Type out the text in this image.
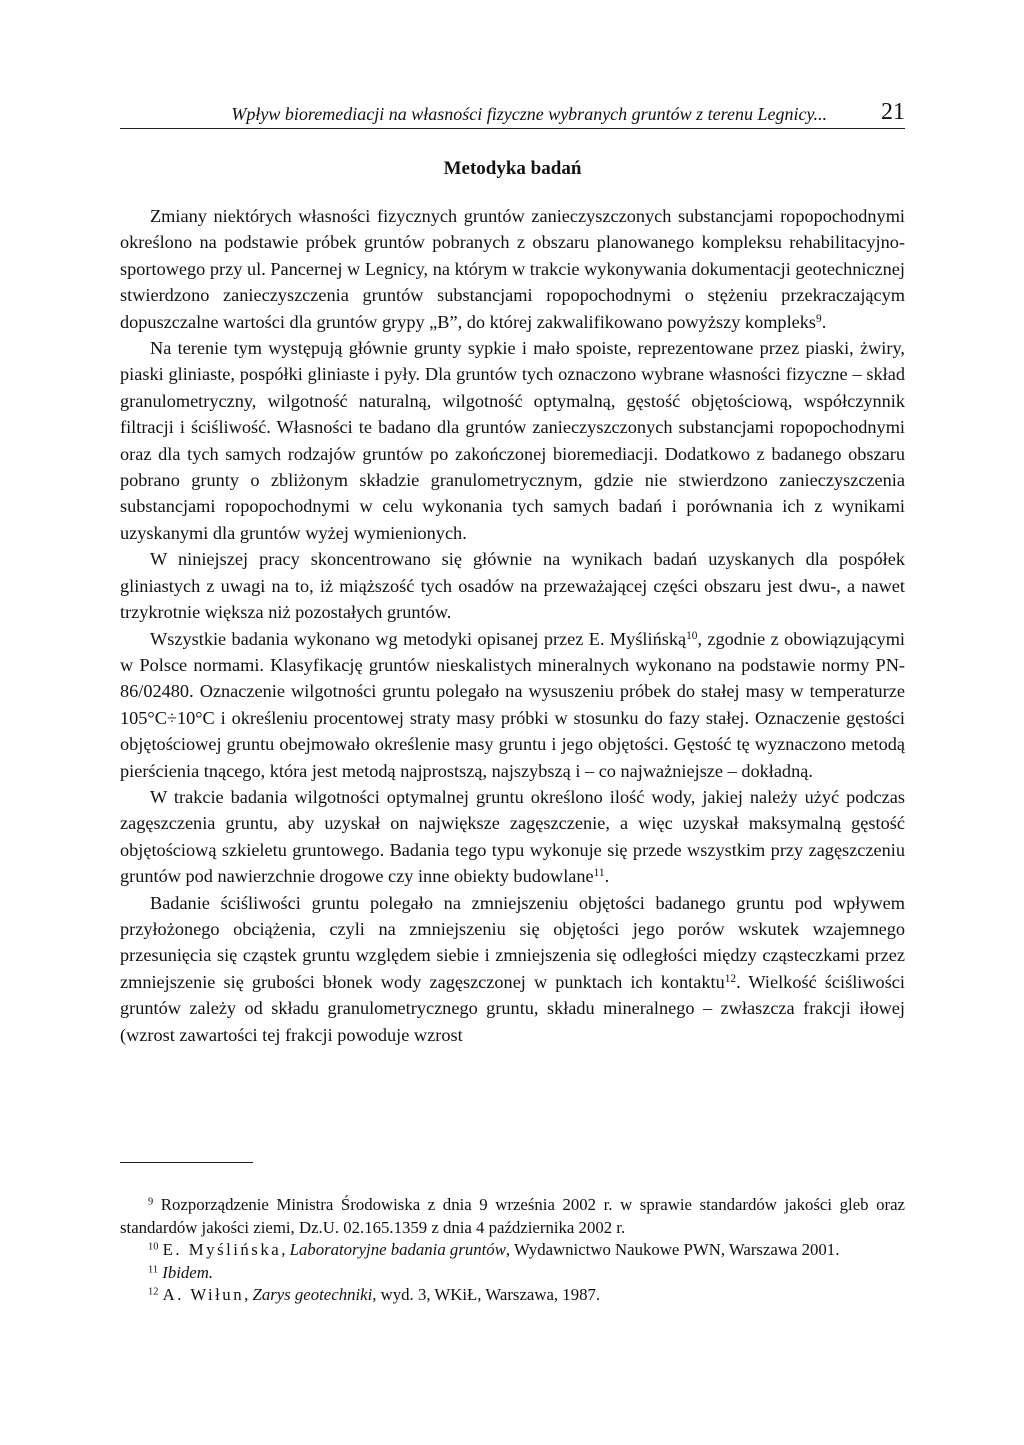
Wpływ bioremediacji na własności fizyczne wybranych gruntów z terenu Legnicy... 21
Metodyka badań

Zmiany niektórych własności fizycznych gruntów zanieczyszczonych substancjami ropopochodnymi określono na podstawie próbek gruntów pobranych z obszaru planowanego kompleksu rehabilitacyjno-sportowego przy ul. Pancernej w Legnicy, na którym w trakcie wykonywania dokumentacji geotechnicznej stwierdzono zanieczyszczenia gruntów substancjami ropopochodnymi o stężeniu przekraczającym dopuszczalne wartości dla gruntów grypy „B”, do której zakwalifikowano powyższy kompleks$^9$.

Na terenie tym występują głównie grunty sypkie i mało spoiste, reprezentowane przez piaski, żwiry, piaski gliniaste, pospółki gliniaste i pyły. Dla gruntów tych oznaczono wybrane własności fizyczne – skład granulometryczny, wilgotność naturalną, wilgotność optymalną, gęstość objętościową, współczynnik filtracji i ściśliwość. Własności te badano dla gruntów zanieczyszczonych substancjami ropopochodnymi oraz dla tych samych rodzajów gruntów po zakończonej bioremediacji. Dodatkowo z badanego obszaru pobrano grunty o zbliżonym składzie granulometrycznym, gdzie nie stwierdzono zanieczyszczenia substancjami ropopochodnymi w celu wykonania tych samych badań i porównania ich z wynikami uzyskanymi dla gruntów wyżej wymienionych.

W niniejszej pracy skoncentrowano się głównie na wynikach badań uzyskanych dla pospółek gliniastych z uwagi na to, iż miąższość tych osadów na przeważającej części obszaru jest dwu-, a nawet trzykrotnie większa niż pozostałych gruntów.

Wszystkie badania wykonano wg metodyki opisanej przez E. Myślińską$^{10}$, zgodnie z obowiązującymi w Polsce normami. Klasyfikację gruntów nieskalistych mineralnych wykonano na podstawie normy PN-86/02480. Oznaczenie wilgotności gruntu polegało na wysuszeniu próbek do stałej masy w temperaturze 105°C÷10°C i określeniu procentowej straty masy próbki w stosunku do fazy stałej. Oznaczenie gęstości objętościowej gruntu obejmowało określenie masy gruntu i jego objętości. Gęstość tę wyznaczono metodą pierścienia tnącego, która jest metodą najprostszą, najszybszą i – co najważniejsze – dokładną.

W trakcie badania wilgotności optymalnej gruntu określono ilość wody, jakiej należy użyć podczas zagęszczenia gruntu, aby uzyskał on największe zagęszczenie, a więc uzyskał maksymalną gęstość objętościową szkieletu gruntowego. Badania tego typu wykonuje się przede wszystkim przy zagęszczeniu gruntów pod nawierzchnie drogowe czy inne obiekty budowlane$^{11}$.

Badanie ściśliwości gruntu polegało na zmniejszeniu objętości badanego gruntu pod wpływem przyłożonego obciążenia, czyli na zmniejszeniu się objętości jego porów wskutek wzajemnego przesunięcia się cząstek gruntu względem siebie i zmniejszenia się odległości między cząsteczkami przez zmniejszenie się grubości błonek wody zagęszczonej w punktach ich kontaktu$^{12}$. Wielkość ściśliwości gruntów zależy od składu granulometrycznego gruntu, składu mineralnego – zwłaszcza frakcji iłowej (wzrost zawartości tej frakcji powoduje wzrost

$^9$ Rozporządzenie Ministra Środowiska z dnia 9 września 2002 r. w sprawie standardów jakości gleb oraz standardów jakości ziemi, Dz.U. 02.165.1359 z dnia 4 października 2002 r.

$^{10}$ E. Myślińska, Laboratoryjne badania gruntów, Wydawnictwo Naukowe PWN, Warszawa 2001.

$^{11}$ Ibidem.

$^{12}$ A. Wiłun, Zarys geotechniki, wyd. 3, WKiŁ, Warszawa, 1987.
